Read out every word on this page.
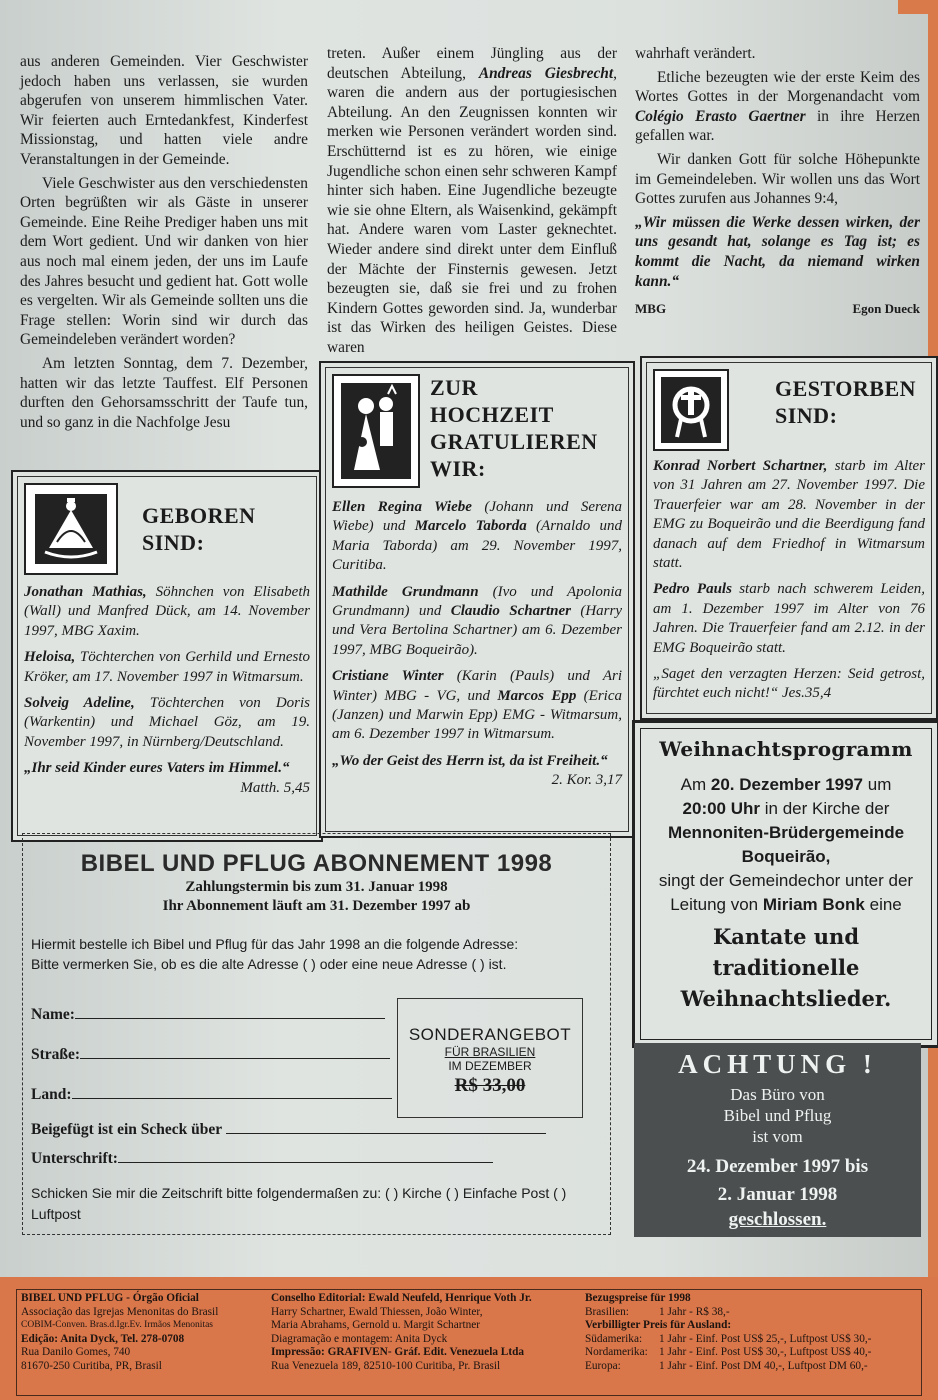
aus anderen Gemeinden. Vier Geschwister jedoch haben uns verlassen, sie wurden abgerufen von unserem himmlischen Vater. Wir feierten auch Erntedankfest, Kinderfest Missionstag, und hatten viele andre Veranstaltungen in der Gemeinde.

Viele Geschwister aus den verschiedensten Orten begrüßten wir als Gäste in unserer Gemeinde. Eine Reihe Prediger haben uns mit dem Wort gedient. Und wir danken von hier aus noch mal einem jeden, der uns im Laufe des Jahres besucht und gedient hat. Gott wolle es vergelten. Wir als Gemeinde sollten uns die Frage stellen: Worin sind wir durch das Gemeindeleben verändert worden?

Am letzten Sonntag, dem 7. Dezember, hatten wir das letzte Tauffest. Elf Personen durften den Gehorsamsschritt der Taufe tun, und so ganz in die Nachfolge Jesu

treten. Außer einem Jüngling aus der deutschen Abteilung, Andreas Giesbrecht, waren die andern aus der portugiesischen Abteilung. An den Zeugnissen konnten wir merken wie Personen verändert worden sind. Erschütternd ist es zu hören, wie einige Jugendliche schon einen sehr schweren Kampf hinter sich haben. Eine Jugendliche bezeugte wie sie ohne Eltern, als Waisenkind, gekämpft hat. Andere waren vom Laster geknechtet. Wieder andere sind direkt unter dem Einfluß der Mächte der Finsternis gewesen. Jetzt bezeugten sie, daß sie frei und zu frohen Kindern Gottes geworden sind. Ja, wunderbar ist das Wirken des heiligen Geistes. Diese waren

wahrhaft verändert.

Etliche bezeugten wie der erste Keim des Wortes Gottes in der Morgenandacht vom Colégio Erasto Gaertner in ihre Herzen gefallen war.

Wir danken Gott für solche Höhepunkte im Gemeindeleben. Wir wollen uns das Wort Gottes zurufen aus Johannes 9:4,

„Wir müssen die Werke dessen wirken, der uns gesandt hat, solange es Tag ist; es kommt die Nacht, da niemand wirken kann.“

MBG	Egon Dueck
GEBOREN
SIND:

Jonathan Mathias, Söhnchen von Elisabeth (Wall) und Manfred Dück, am 14. November 1997, MBG Xaxim.

Heloisa, Töchterchen von Gerhild und Ernesto Kröker, am 17. November 1997 in Witmarsum.

Solveig Adeline, Töchterchen von Doris (Warkentin) und Michael Göz, am 19. November 1997, in Nürnberg/Deutschland.

„Ihr seid Kinder eures Vaters im Himmel.“
Matth. 5,45

ZUR
HOCHZEIT
GRATULIEREN
WIR:

Ellen Regina Wiebe (Johann und Serena Wiebe) und Marcelo Taborda (Arnaldo und Maria Taborda) am 29. November 1997, Curitiba.

Mathilde Grundmann (Ivo und Apolonia Grundmann) und Claudio Schartner (Harry und Vera Bertolina Schartner) am 6. Dezember 1997, MBG Boqueirão).

Cristiane Winter (Karin (Pauls) und Ari Winter) MBG - VG, und Marcos Epp (Erica (Janzen) und Marwin Epp) EMG - Witmarsum, am 6. Dezember 1997 in Witmarsum.

„Wo der Geist des Herrn ist, da ist Freiheit.“
2. Kor. 3,17

GESTORBEN
SIND:

Konrad Norbert Schartner, starb im Alter von 31 Jahren am 27. November 1997. Die Trauerfeier war am 28. November in der EMG zu Boqueirão und die Beerdigung fand danach auf dem Friedhof in Witmarsum statt.

Pedro Pauls starb nach schwerem Leiden, am 1. Dezember 1997 im Alter von 76 Jahren. Die Trauerfeier fand am 2.12. in der EMG Boqueirão statt.

„Saget den verzagten Herzen: Seid getrost, fürchtet euch nicht!“ Jes.35,4

Weihnachtsprogramm
Am 20. Dezember 1997 um
20:00 Uhr in der Kirche der
Mennoniten-Brüdergemeinde
Boqueirão,
singt der Gemeindechor unter der
Leitung von Miriam Bonk eine
Kantate und
traditionelle
Weihnachtslieder.
ACHTUNG !
Das Büro von
Bibel und Pflug
ist vom
24. Dezember 1997 bis
2. Januar 1998
geschlossen.
BIBEL UND PFLUG ABONNEMENT 1998
Zahlungstermin bis zum 31. Januar 1998
Ihr Abonnement läuft am 31. Dezember 1997 ab
Hiermit bestelle ich Bibel und Pflug für das Jahr 1998 an die folgende Adresse:
Bitte vermerken Sie, ob es die alte Adresse ( ) oder eine neue Adresse ( ) ist.
Name:
Straße:
Land:
Beigefügt ist ein Scheck über
Unterschrift:
SONDERANGEBOT
FÜR BRASILIEN
IM DEZEMBER
R$ 33,00
Schicken Sie mir die Zeitschrift bitte folgendermaßen zu: ( ) Kirche ( ) Einfache Post ( ) Luftpost
BIBEL UND PFLUG - Órgão Oficial
Associação das Igrejas Menonitas do Brasil
COBIM-Conven. Bras.d.Igr.Ev. Irmãos Menonitas
Edição: Anita Dyck, Tel. 278-0708
Rua Danilo Gomes, 740
81670-250 Curitiba, PR, Brasil
Conselho Editorial: Ewald Neufeld, Henrique Voth Jr.
Harry Schartner, Ewald Thiessen, João Winter,
Maria Abrahams, Gernold u. Margit Schartner
Diagramação e montagem: Anita Dyck
Impressão: GRAFIVEN- Gráf. Edit. Venezuela Ltda
Rua Venezuela 189, 82510-100 Curitiba, Pr. Brasil
Bezugspreise für 1998
Brasilien:	1 Jahr - R$ 38,-
Verbilligter Preis für Ausland:
Südamerika:	1 Jahr - Einf. Post US$ 25,-, Luftpost US$ 30,-
Nordamerika: 1 Jahr - Einf. Post US$ 30,-, Luftpost US$ 40,-
Europa:	1 Jahr - Einf. Post DM 40,-, Luftpost DM 60,-
